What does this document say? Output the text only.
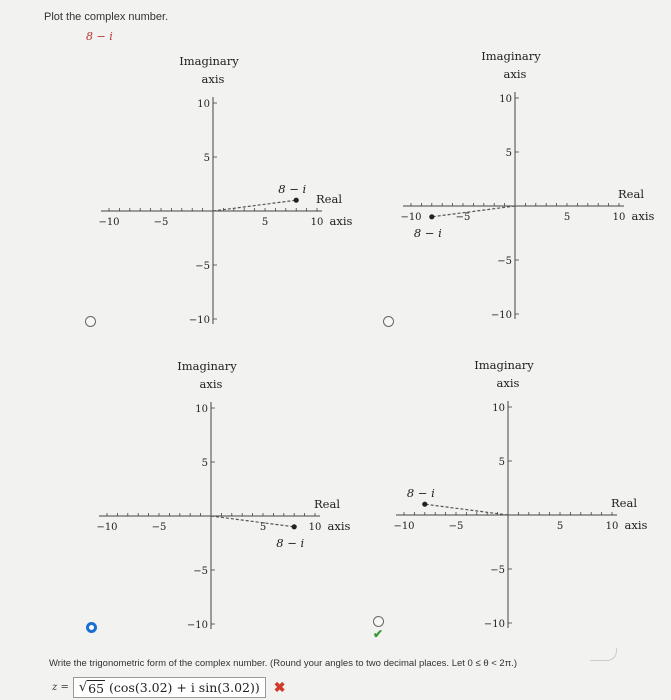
Plot the complex number.
8 − i
−10	−5	5	10
10
5
−5
−10
Imaginary
axis
Real
axis
8 − i
−10	−5	5	10
10
5
−5
−10
Imaginary
axis
Real
axis
8 − i
−10	−5	5	10
10
5
−5
−10
Imaginary
axis
Real
axis
8 − i
−10	−5	5	10
10
5
−5
−10
Imaginary
axis
Real
axis
8 − i
✔
Write the trigonometric form of the complex number. (Round your angles to two decimal places. Let 0 ≤ θ < 2π.)
z = √ 65
(cos(3.02) + i sin(3.02)) ✖
